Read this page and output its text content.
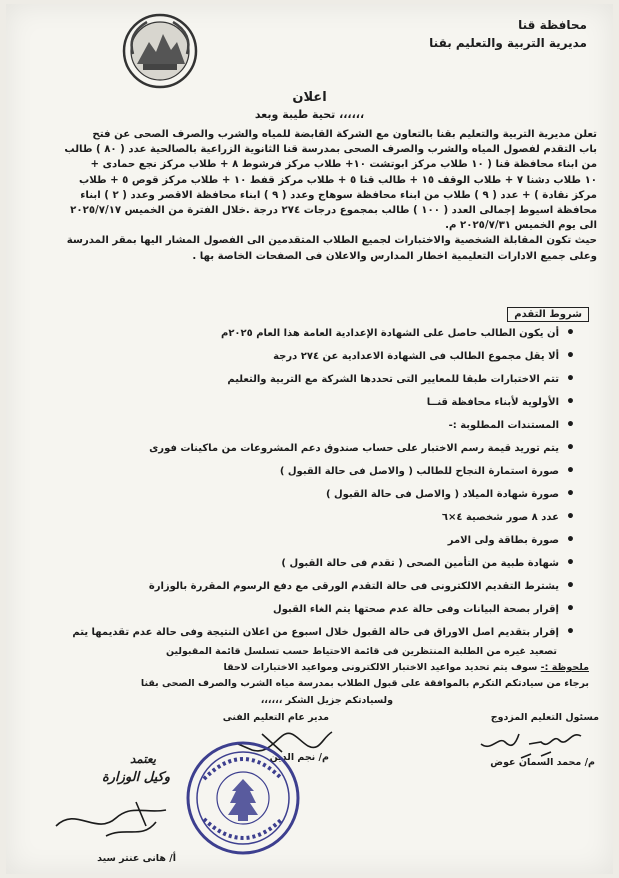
محافظة قنا
مديرية التربية والتعليم بقنا
اعلان
تحية طيبة وبعد ،،،،،،
تعلن مديرية التربية والتعليم بقنا بالتعاون مع الشركة القابضة للمياه والشرب والصرف الصحى عن فتح
باب التقدم لفصول المياه والشرب والصرف الصحى بمدرسة قنا الثانوية الزراعية بالصالحية عدد ( ٨٠ ) طالب
من ابناء محافظة قنا ( ١٠ طلاب مركز ابوتشت ١٠+ طلاب مركز فرشوط ٨ + طلاب مركز نجع حمادى +
١٠ طلاب دشنا ٧ + طلاب الوقف ١٥ + طالب قنا ٥ + طلاب مركز قفط ١٠ + طلاب مركز قوص ٥ + طلاب
مركز نقادة ) + عدد ( ٩ ) طلاب من ابناء محافظة سوهاج وعدد ( ٩ ) ابناء محافظة الاقصر وعدد ( ٢ ) ابناء
محافظة اسيوط إجمالى العدد ( ١٠٠ ) طالب بمجموع درجات ٢٧٤ درجة .خلال الفترة من الخميس ٢٠٢٥/٧/١٧
الى يوم الخميس ٢٠٢٥/٧/٣١ م.
حيث تكون المقابلة الشخصية والاختبارات لجميع الطلاب المتقدمين الى الفصول المشار اليها بمقر المدرسة
وعلى جميع الادارات التعليمية اخطار المدارس والاعلان فى الصفحات الخاصة بها .
شروط التقدم
• أن يكون الطالب حاصل على الشهادة الإعدادية العامة هذا العام ٢٠٢٥م
• ألا يقل مجموع الطالب فى الشهادة الاعدادية عن ٢٧٤ درجة
• تتم الاختبارات طبقا للمعايير التى تحددها الشركة مع التربية والتعليم
• الأولوية لأبناء محافظة قنــا
• المستندات المطلوبة :-
• يتم توريد قيمة رسم الاختبار على حساب صندوق دعم المشروعات من ماكينات فورى
• صورة استمارة النجاح للطالب ( والاصل فى حالة القبول )
• صورة شهادة الميلاد ( والاصل فى حالة القبول )
• عدد ٨ صور شخصية ٤×٦
• صورة بطاقة ولى الامر
• شهادة طبية من التأمين الصحى ( تقدم فى حالة القبول )
• يشترط التقديم الالكترونى فى حالة التقدم الورقى مع دفع الرسوم المقررة بالوزارة
• إقرار بصحة البيانات وفى حالة عدم صحتها يتم الغاء القبول
• إقرار بتقديم اصل الاوراق فى حالة القبول خلال اسبوع من اعلان النتيجة وفى حالة عدم تقديمها يتم
تصعيد غيره من الطلبة المنتظرين فى قائمة الاحتياط حسب تسلسل قائمة المقبولين
ملحوظة :- سوف يتم تحديد مواعيد الاختبار الالكترونى ومواعيد الاختبارات لاحقا
برجاء من سيادتكم التكرم بالموافقة على قبول الطلاب بمدرسة مياه الشرب والصرف الصحى بقنا
ولسيادتكم جزيل الشكر ،،،،،،
مسئول التعليم المزدوج
م/ محمد السمان عوض
مدير عام التعليم الفنى
م/ نجم الدين
يعتمد
وكيل الوزارة
أ/ هانى عنتر سيد
